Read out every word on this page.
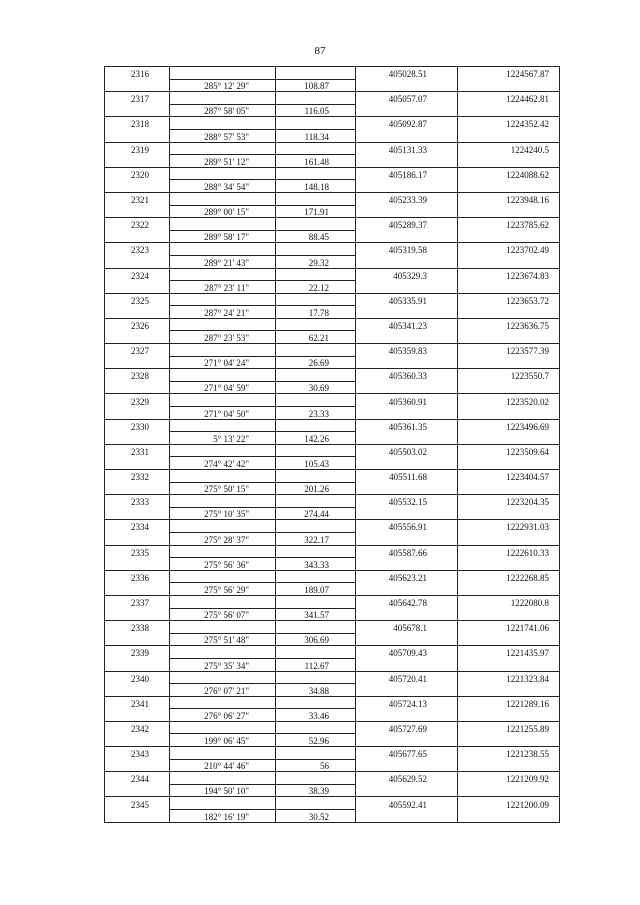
87
2316			405028.51	1224567.87
	285° 12' 29"	108.87		
2317			405057.07	1224462.81
	287° 58' 05"	116.05		
2318			405092.87	1224352.42
	288° 57' 53"	118.34		
2319			405131.33	1224240.5
	289° 51' 12"	161.48		
2320			405186.17	1224088.62
	288° 34' 54"	148.18		
2321			405233.39	1223948.16
	289° 00' 15"	171.91		
2322			405289.37	1223785.62
	289° 58' 17"	88.45		
2323			405319.58	1223702.49
	289° 21' 43"	29.32		
2324			405329.3	1223674.83
	287° 23' 11"	22.12		
2325			405335.91	1223653.72
	287° 24' 21"	17.78		
2326			405341.23	1223636.75
	287° 23' 53"	62.21		
2327			405359.83	1223577.39
	271° 04' 24"	26.69		
2328			405360.33	1223550.7
	271° 04' 59"	30.69		
2329			405360.91	1223520.02
	271° 04' 50"	23.33		
2330			405361.35	1223496.69
	5° 13' 22"	142.26		
2331			405503.02	1223509.64
	274° 42' 42"	105.43		
2332			405511.68	1223404.57
	275° 50' 15"	201.26		
2333			405532.15	1223204.35
	275° 10' 35"	274.44		
2334			405556.91	1222931.03
	275° 28' 37"	322.17		
2335			405587.66	1222610.33
	275° 56' 36"	343.33		
2336			405623.21	1222268.85
	275° 56' 29"	189.07		
2337			405642.78	1222080.8
	275° 56' 07"	341.57		
2338			405678.1	1221741.06
	275° 51' 48"	306.69		
2339			405709.43	1221435.97
	275° 35' 34"	112.67		
2340			405720.41	1221323.84
	276° 07' 21"	34.88		
2341			405724.13	1221289.16
	276° 06' 27"	33.46		
2342			405727.69	1221255.89
	199° 06' 45"	52.96		
2343			405677.65	1221238.55
	210° 44' 46"	56		
2344			405629.52	1221209.92
	194° 50' 10"	38.39		
2345			405592.41	1221200.09
	182° 16' 19"	30.52		
